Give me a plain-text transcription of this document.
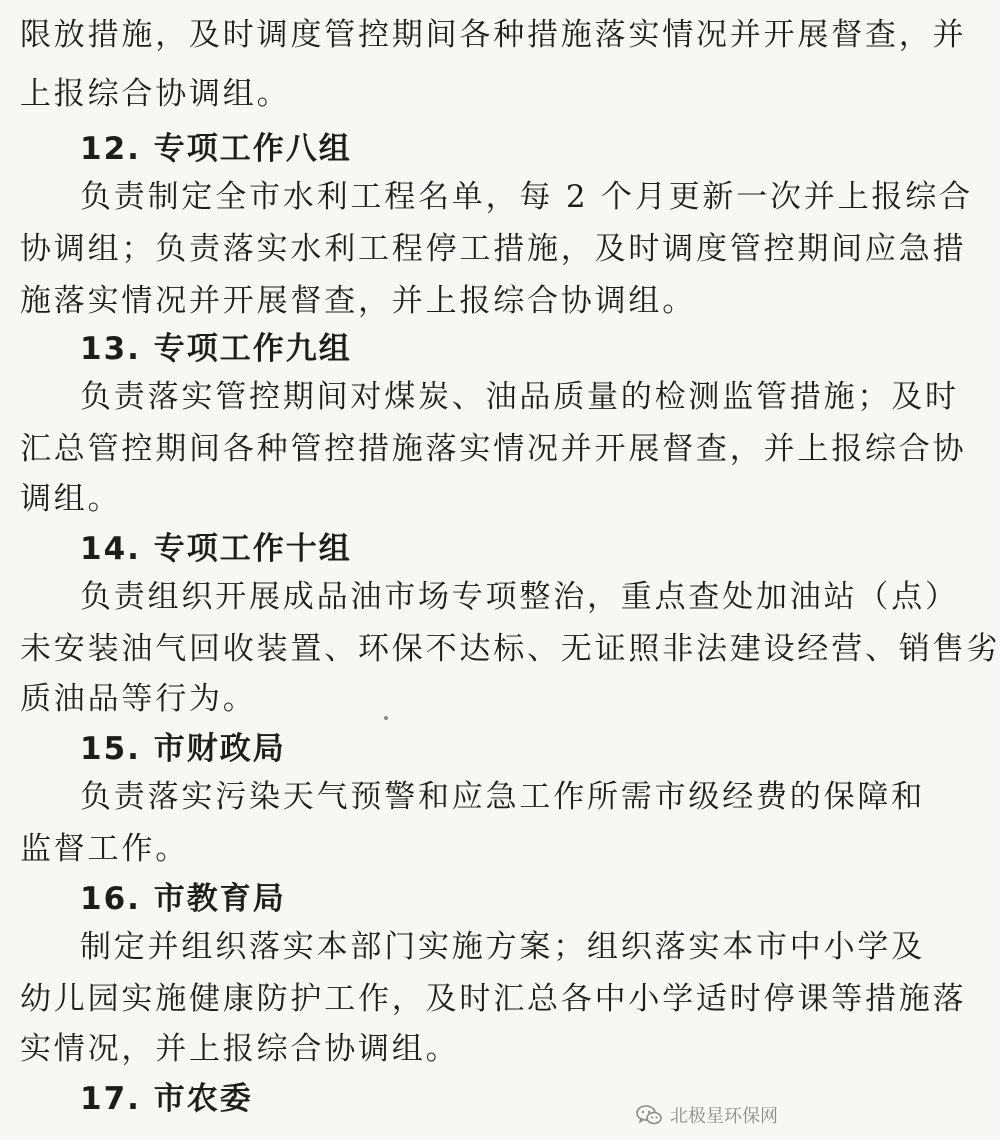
限放措施，及时调度管控期间各种措施落实情况并开展督查，并
上报综合协调组。
12. 专项工作八组
负责制定全市水利工程名单，每 2 个月更新一次并上报综合
协调组；负责落实水利工程停工措施，及时调度管控期间应急措
施落实情况并开展督查，并上报综合协调组。
13. 专项工作九组
负责落实管控期间对煤炭、油品质量的检测监管措施；及时
汇总管控期间各种管控措施落实情况并开展督查，并上报综合协
调组。
14. 专项工作十组
负责组织开展成品油市场专项整治，重点查处加油站（点）
未安装油气回收装置、环保不达标、无证照非法建设经营、销售劣
质油品等行为。
15. 市财政局
负责落实污染天气预警和应急工作所需市级经费的保障和
监督工作。
16. 市教育局
制定并组织落实本部门实施方案；组织落实本市中小学及
幼儿园实施健康防护工作，及时汇总各中小学适时停课等措施落
实情况，并上报综合协调组。
17. 市农委	北极星环保网
